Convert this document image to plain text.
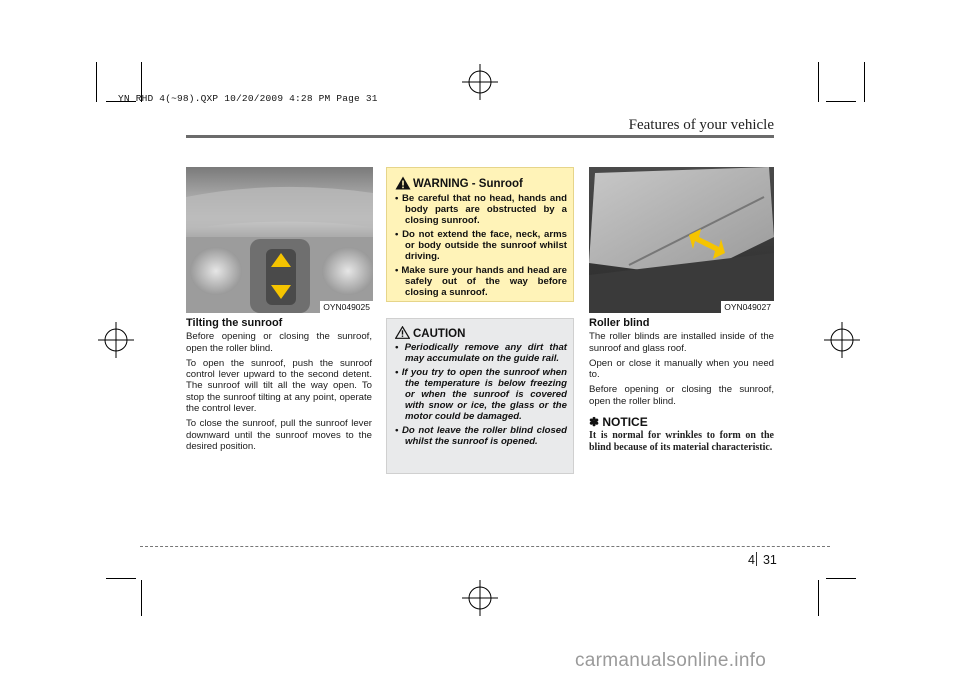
YN RHD 4(~98).QXP 10/20/2009 4:28 PM Page 31
Features of your vehicle
OYN049025
Tilting the sunroof

Before opening or closing the sunroof, open the roller blind.

To open the sunroof, push the sunroof control lever upward to the second detent. The sunroof will tilt all the way open. To stop the sunroof tilting at any point, operate the control lever.

To close the sunroof, pull the sunroof lever downward until the sunroof moves to the desired position.

WARNING - Sunroof
• Be careful that no head, hands and body parts are obstructed by a closing sunroof.
• Do not extend the face, neck, arms or body outside the sunroof whilst driving.
• Make sure your hands and head are safely out of the way before closing a sunroof.
CAUTION
• Periodically remove any dirt that may accumulate on the guide rail.
• If you try to open the sunroof when the temperature is below freezing or when the sunroof is covered with snow or ice, the glass or the motor could be damaged.
• Do not leave the roller blind closed whilst the sunroof is opened.
OYN049027
Roller blind

The roller blinds are installed inside of the sunroof and glass roof.

Open or close it manually when you need to.

Before opening or closing the sunroof, open the roller blind.

✽ NOTICE
It is normal for wrinkles to form on the blind because of its material characteristic.
4 31
carmanualsonline.info
